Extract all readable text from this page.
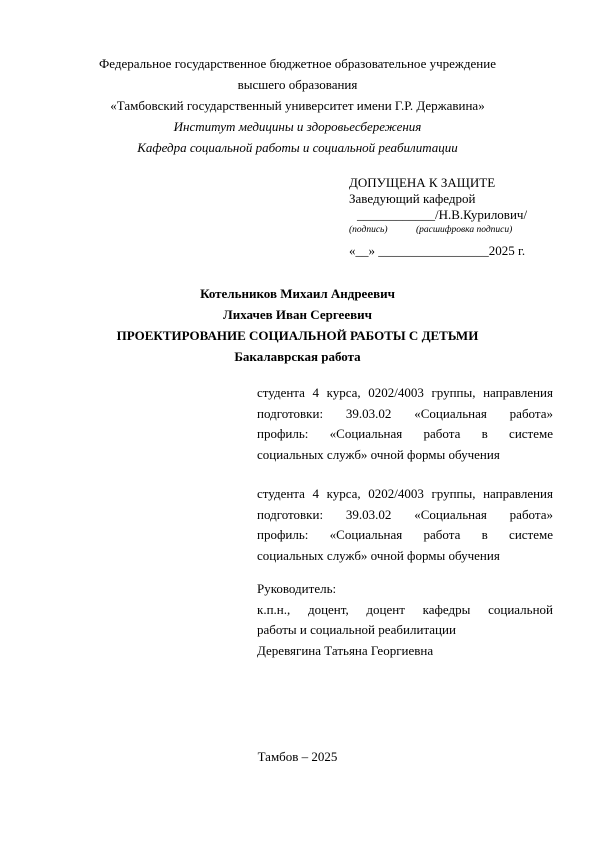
Федеральное государственное бюджетное образовательное учреждение
высшего образования
«Тамбовский государственный университет имени Г.Р. Державина»
Институт медицины и здоровьесбережения
Кафедра социальной работы и социальной реабилитации
ДОПУЩЕНА К ЗАЩИТЕ
Заведующий кафедрой
____________/Н.В.Курилович/
(подпись)	(расшифровка подписи)
«__» _________________2025 г.
Котельников Михаил Андреевич
Лихачев Иван Сергеевич
ПРОЕКТИРОВАНИЕ СОЦИАЛЬНОЙ РАБОТЫ С ДЕТЬМИ
Бакалаврская работа
студента 4 курса, 0202/4003 группы, направления
подготовки: 39.03.02 «Социальная работа»
профиль: «Социальная работа в системе
социальных служб» очной формы обучения
студента 4 курса, 0202/4003 группы, направления
подготовки: 39.03.02 «Социальная работа»
профиль: «Социальная работа в системе
социальных служб» очной формы обучения
Руководитель:
к.п.н., доцент, доцент кафедры социальной
работы и социальной реабилитации
Деревягина Татьяна Георгиевна
Тамбов – 2025
